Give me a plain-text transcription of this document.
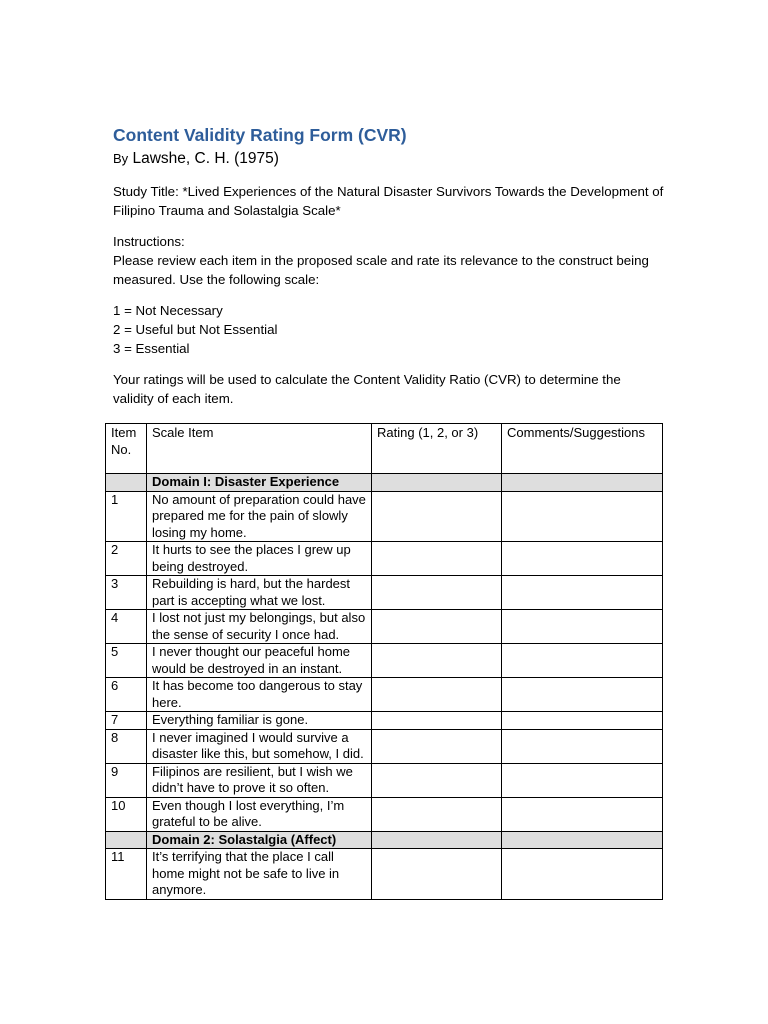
Content Validity Rating Form (CVR)
By Lawshe, C. H. (1975)

Study Title: *Lived Experiences of the Natural Disaster Survivors Towards the Development of Filipino Trauma and Solastalgia Scale*

Instructions:

Please review each item in the proposed scale and rate its relevance to the construct being measured. Use the following scale:

1 = Not Necessary

2 = Useful but Not Essential

3 = Essential

Your ratings will be used to calculate the Content Validity Ratio (CVR) to determine the validity of each item.

Item No.	Scale Item	Rating (1, 2, or 3)	Comments/Suggestions
	Domain I: Disaster Experience		
1	No amount of preparation could have prepared me for the pain of slowly losing my home.		
2	It hurts to see the places I grew up being destroyed.		
3	Rebuilding is hard, but the hardest part is accepting what we lost.		
4	I lost not just my belongings, but also the sense of security I once had.		
5	I never thought our peaceful home would be destroyed in an instant.		
6	It has become too dangerous to stay here.		
7	Everything familiar is gone.		
8	I never imagined I would survive a disaster like this, but somehow, I did.		
9	Filipinos are resilient, but I wish we didn’t have to prove it so often.		
10	Even though I lost everything, I’m grateful to be alive.		
	Domain 2: Solastalgia (Affect)		
11	It’s terrifying that the place I call home might not be safe to live in anymore.		
